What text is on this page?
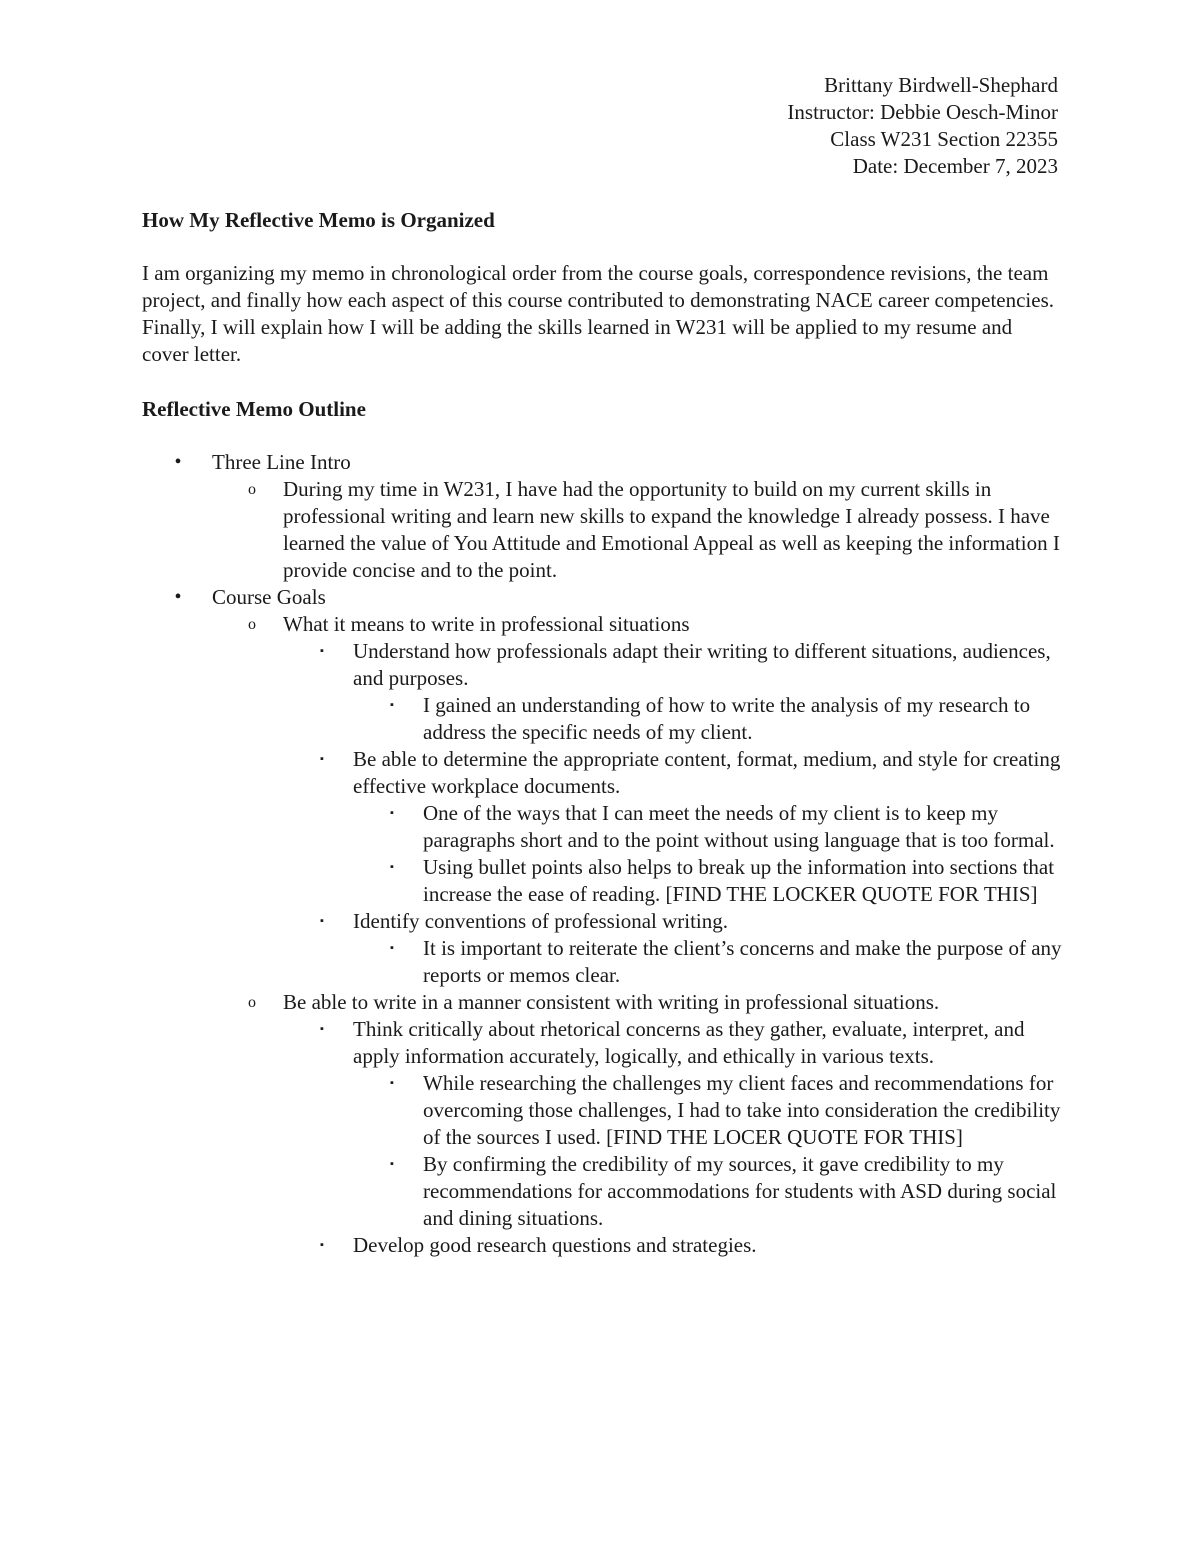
Brittany Birdwell-Shephard
Instructor: Debbie Oesch-Minor
Class W231 Section 22355
Date: December 7, 2023
How My Reflective Memo is Organized
I am organizing my memo in chronological order from the course goals, correspondence revisions, the team project, and finally how each aspect of this course contributed to demonstrating NACE career competencies. Finally, I will explain how I will be adding the skills learned in W231 will be applied to my resume and cover letter.
Reflective Memo Outline
•	Three Line Intro
o During my time in W231, I have had the opportunity to build on my current skills in professional writing and learn new skills to expand the knowledge I already possess. I have learned the value of You Attitude and Emotional Appeal as well as keeping the information I provide concise and to the point.
•	Course Goals
o What it means to write in professional situations
▪	Understand how professionals adapt their writing to different situations, audiences, and purposes.
▪	I gained an understanding of how to write the analysis of my research to address the specific needs of my client.
▪	Be able to determine the appropriate content, format, medium, and style for creating effective workplace documents.
▪	One of the ways that I can meet the needs of my client is to keep my paragraphs short and to the point without using language that is too formal.
▪	Using bullet points also helps to break up the information into sections that increase the ease of reading. [FIND THE LOCKER QUOTE FOR THIS]
▪	Identify conventions of professional writing.
▪	It is important to reiterate the client’s concerns and make the purpose of any reports or memos clear.
o Be able to write in a manner consistent with writing in professional situations.
▪	Think critically about rhetorical concerns as they gather, evaluate, interpret, and apply information accurately, logically, and ethically in various texts.
▪	While researching the challenges my client faces and recommendations for overcoming those challenges, I had to take into consideration the credibility of the sources I used. [FIND THE LOCER QUOTE FOR THIS]
▪	By confirming the credibility of my sources, it gave credibility to my recommendations for accommodations for students with ASD during social and dining situations.
▪	Develop good research questions and strategies.
